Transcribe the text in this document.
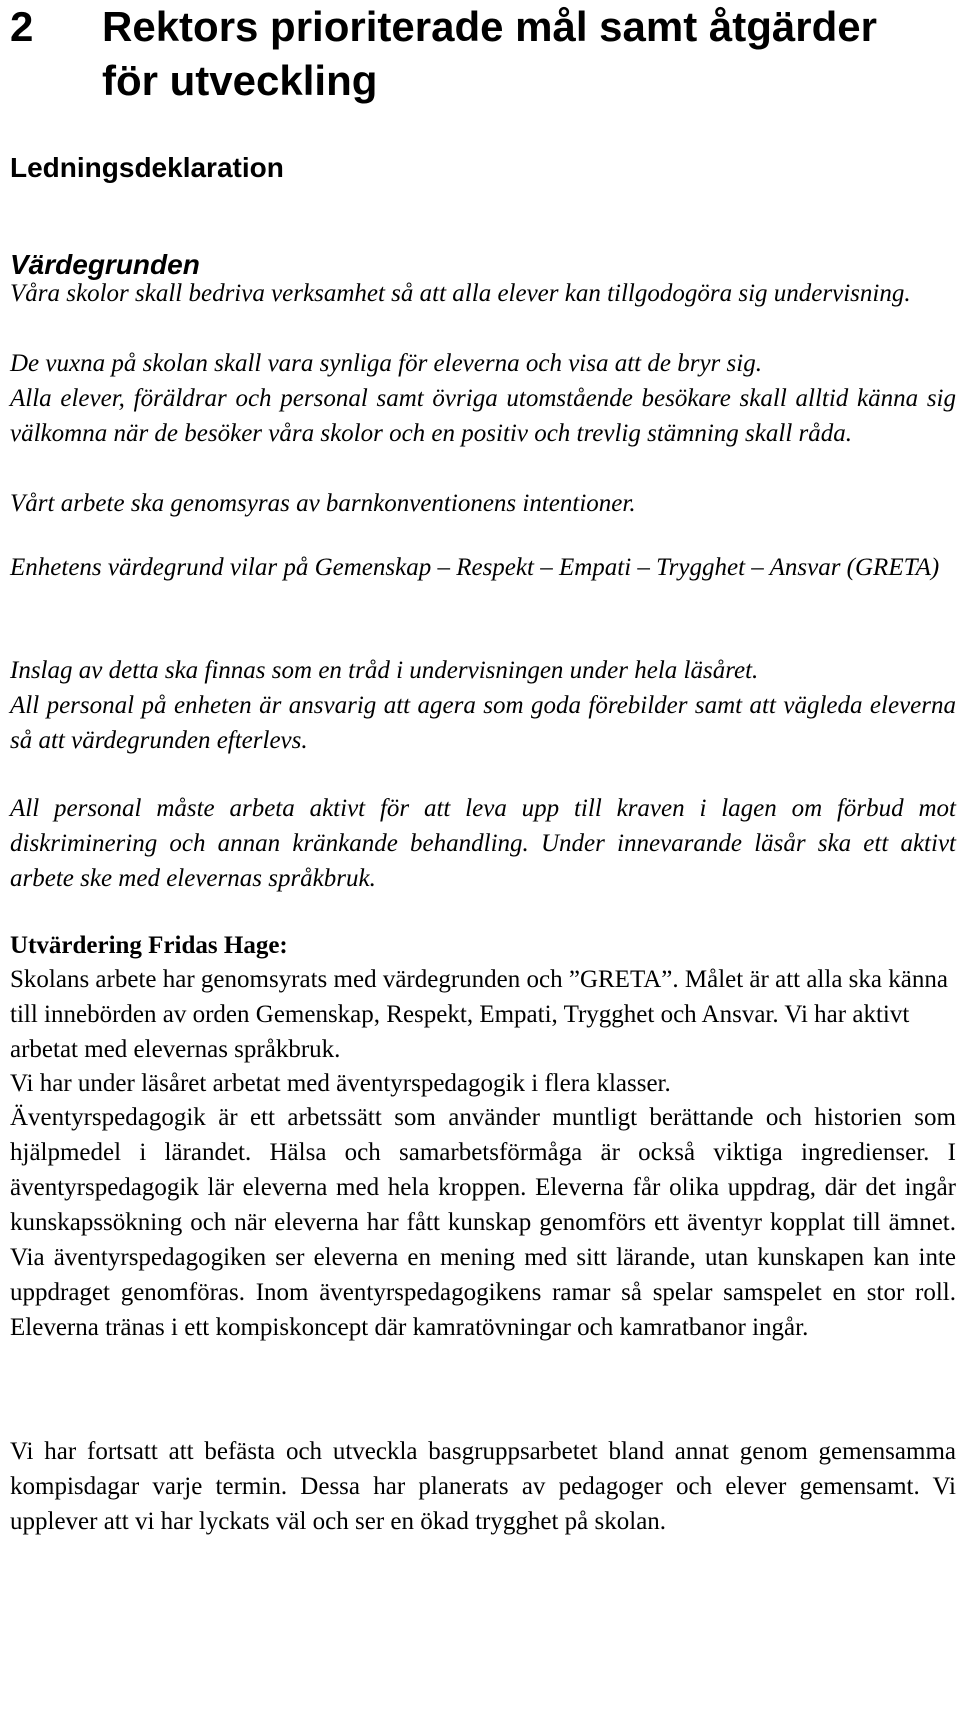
2	Rektors prioriterade mål samt åtgärder för utveckling
Ledningsdeklaration
Värdegrunden

Våra skolor skall bedriva verksamhet så att alla elever kan tillgodogöra sig undervisning.

De vuxna på skolan skall vara synliga för eleverna och visa att de bryr sig.

Alla elever, föräldrar och personal samt övriga utomstående besökare skall alltid känna sig välkomna när de besöker våra skolor och en positiv och trevlig stämning skall råda.

Vårt arbete ska genomsyras av barnkonventionens intentioner.

Enhetens värdegrund vilar på Gemenskap – Respekt – Empati – Trygghet – Ansvar (GRETA)

Inslag av detta ska finnas som en tråd i undervisningen under hela läsåret.

All personal på enheten är ansvarig att agera som goda förebilder samt att vägleda eleverna så att värdegrunden efterlevs.

All personal måste arbeta aktivt för att leva upp till kraven i lagen om förbud mot diskriminering och annan kränkande behandling. Under innevarande läsår ska ett aktivt arbete ske med elevernas språkbruk.

Utvärdering Fridas Hage:

Skolans arbete har genomsyrats med värdegrunden och ”GRETA”. Målet är att alla ska känna till innebörden av orden Gemenskap, Respekt, Empati, Trygghet och Ansvar. Vi har aktivt arbetat med elevernas språkbruk.

Vi har under läsåret arbetat med äventyrspedagogik i flera klasser.

Äventyrspedagogik är ett arbetssätt som använder muntligt berättande och historien som hjälpmedel i lärandet. Hälsa och samarbetsförmåga är också viktiga ingredienser. I äventyrspedagogik lär eleverna med hela kroppen. Eleverna får olika uppdrag, där det ingår kunskapssökning och när eleverna har fått kunskap genomförs ett äventyr kopplat till ämnet. Via äventyrspedagogiken ser eleverna en mening med sitt lärande, utan kunskapen kan inte uppdraget genomföras. Inom äventyrspedagogikens ramar så spelar samspelet en stor roll. Eleverna tränas i ett kompiskoncept där kamratövningar och kamratbanor ingår.

Vi har fortsatt att befästa och utveckla basgruppsarbetet bland annat genom gemensamma kompisdagar varje termin. Dessa har planerats av pedagoger och elever gemensamt. Vi upplever att vi har lyckats väl och ser en ökad trygghet på skolan.
